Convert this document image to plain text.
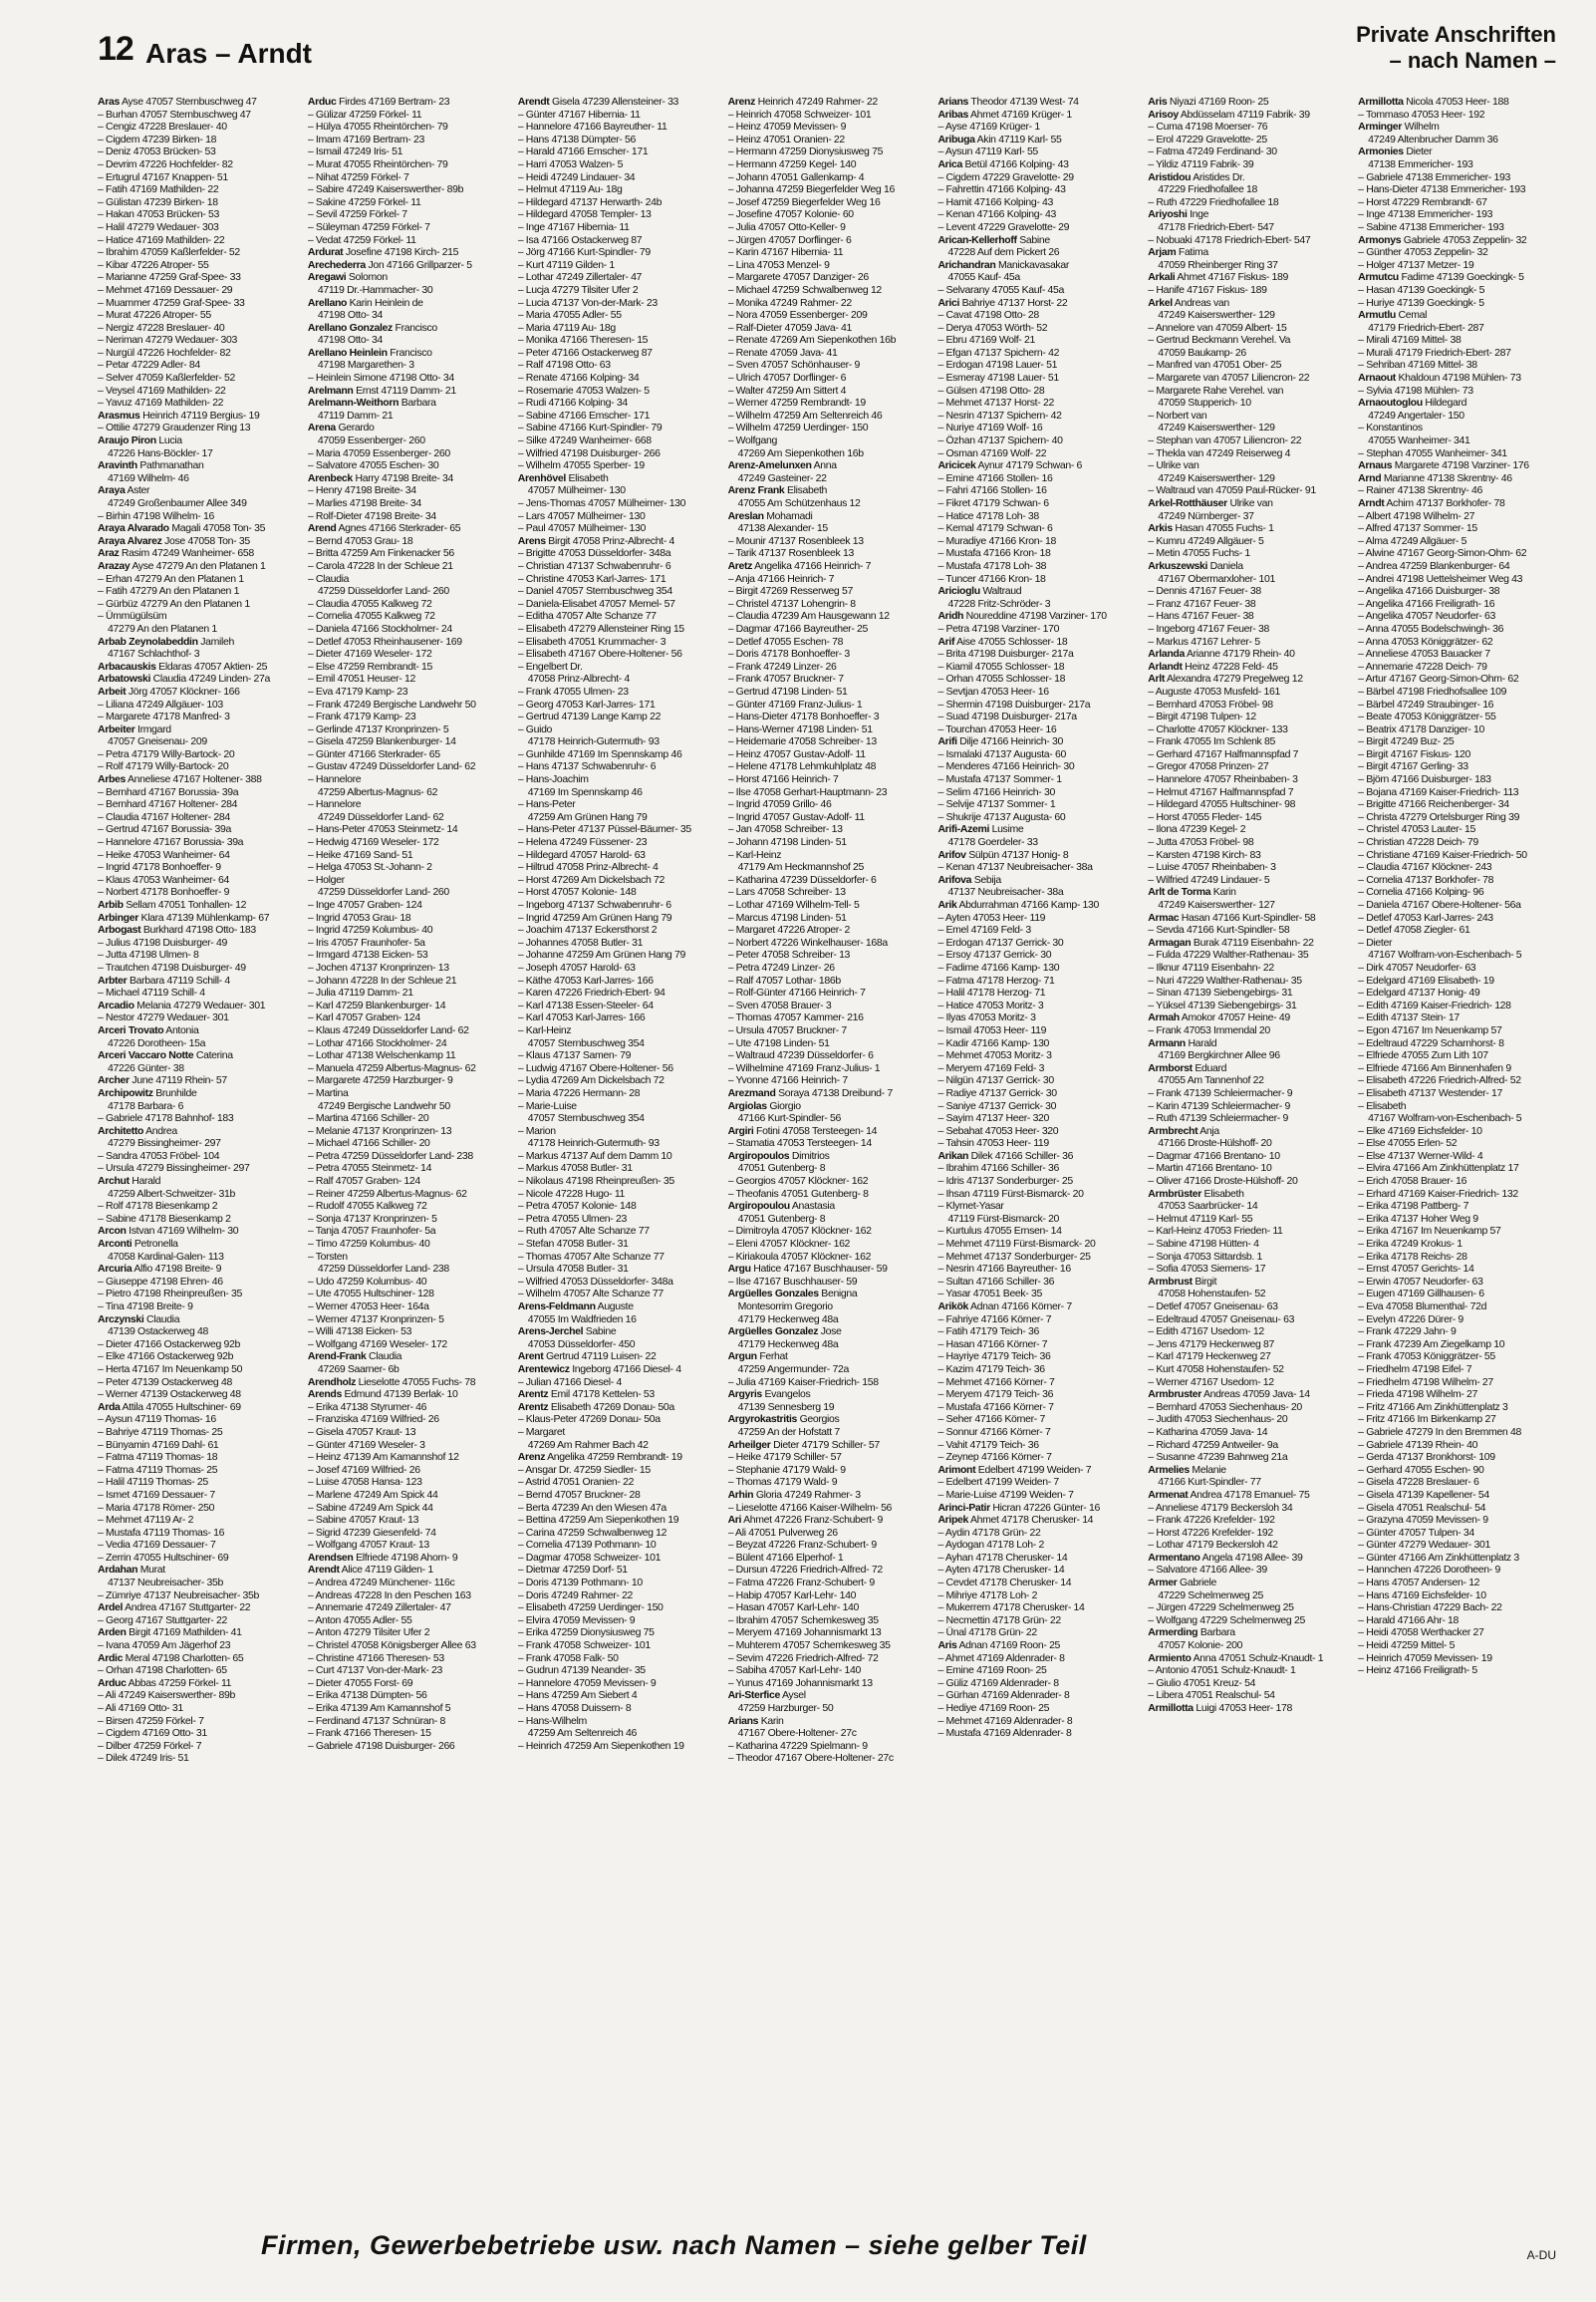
12 Aras – Arndt
Private Anschriften
– nach Namen –
Aras Ayse 47057 Sternbuschweg 47
– Burhan 47057 Sternbuschweg 47
– Cengiz 47228 Breslauer- 40
– Cigdem 47239 Birken- 18
– Deniz 47053 Brücken- 53
– Devrim 47226 Hochfelder- 82
– Ertugrul 47167 Knappen- 51
– Fatih 47169 Mathilden- 22
– Gülistan 47239 Birken- 18
– Hakan 47053 Brücken- 53
– Halil 47279 Wedauer- 303
– Hatice 47169 Mathilden- 22
– Ibrahim 47059 Kaßlerfelder- 52
– Kibar 47226 Atroper- 55
– Marianne 47259 Graf-Spee- 33
– Mehmet 47169 Dessauer- 29
– Muammer 47259 Graf-Spee- 33
– Murat 47226 Atroper- 55
– Nergiz 47228 Breslauer- 40
– Neriman 47279 Wedauer- 303
– Nurgül 47226 Hochfelder- 82
– Petar 47229 Adler- 84
– Selver 47059 Kaßlerfelder- 52
– Veysel 47169 Mathilden- 22
– Yavuz 47169 Mathilden- 22
Arasmus Heinrich 47119 Bergius- 19
– Ottilie 47279 Graudenzer Ring 13
Araujo Piron Lucia
47226 Hans-Böckler- 17
Aravinth Pathmanathan
47169 Wilhelm- 46
Araya Aster
47249 Großenbaumer Allee 349
– Birhin 47198 Wilhelm- 16
Araya Alvarado Magali 47058 Ton- 35
Araya Alvarez Jose 47058 Ton- 35
Araz Rasim 47249 Wanheimer- 658
Arazay Ayse 47279 An den Platanen 1
– Erhan 47279 An den Platanen 1
– Fatih 47279 An den Platanen 1
– Gürbüz 47279 An den Platanen 1
– Ümmügülsüm
47279 An den Platanen 1
Arbab Zeynolabeddin Jamileh
47167 Schlachthof- 3
Arbacauskis Eldaras 47057 Aktien- 25
Arbatowski Claudia 47249 Linden- 27a
Arbeit Jörg 47057 Klöckner- 166
– Liliana 47249 Allgäuer- 103
– Margarete 47178 Manfred- 3
Arbeiter Irmgard
47057 Gneisenau- 209
– Petra 47179 Willy-Bartock- 20
– Rolf 47179 Willy-Bartock- 20
Arbes Anneliese 47167 Holtener- 388
– Bernhard 47167 Borussia- 39a
– Bernhard 47167 Holtener- 284
– Claudia 47167 Holtener- 284
– Gertrud 47167 Borussia- 39a
– Hannelore 47167 Borussia- 39a
– Heike 47053 Wanheimer- 64
– Ingrid 47178 Bonhoeffer- 9
– Klaus 47053 Wanheimer- 64
– Norbert 47178 Bonhoeffer- 9
Arbib Sellam 47051 Tonhallen- 12
Arbinger Klara 47139 Mühlenkamp- 67
Arbogast Burkhard 47198 Otto- 183
– Julius 47198 Duisburger- 49
– Jutta 47198 Ulmen- 8
– Trautchen 47198 Duisburger- 49
Arbter Barbara 47119 Schill- 4
– Michael 47119 Schill- 4
Arcadio Melania 47279 Wedauer- 301
– Nestor 47279 Wedauer- 301
Arceri Trovato Antonia
47226 Dorotheen- 15a
Arceri Vaccaro Notte Caterina
47226 Günter- 38
Archer June 47119 Rhein- 57
Archipowitz Brunhilde
47178 Barbara- 6
– Gabriele 47178 Bahnhof- 183
Architetto Andrea
47279 Bissingheimer- 297
– Sandra 47053 Fröbel- 104
– Ursula 47279 Bissingheimer- 297
Archut Harald
47259 Albert-Schweitzer- 31b
– Rolf 47178 Biesenkamp 2
– Sabine 47178 Biesenkamp 2
Arcon Istvan 47169 Wilhelm- 30
Arconti Petronella
47058 Kardinal-Galen- 113
Arcuria Alfio 47198 Breite- 9
– Giuseppe 47198 Ehren- 46
– Pietro 47198 Rheinpreußen- 35
– Tina 47198 Breite- 9
Arczynski Claudia
47139 Ostackerweg 48
– Dieter 47166 Ostackerweg 92b
– Elke 47166 Ostackerweg 92b
– Herta 47167 Im Neuenkamp 50
– Peter 47139 Ostackerweg 48
– Werner 47139 Ostackerweg 48
Arda Attila 47055 Hultschiner- 69
– Aysun 47119 Thomas- 16
– Bahriye 47119 Thomas- 25
– Bünyamin 47169 Dahl- 61
– Fatma 47119 Thomas- 18
– Fatma 47119 Thomas- 25
– Halil 47119 Thomas- 25
– Ismet 47169 Dessauer- 7
– Maria 47178 Römer- 250
– Mehmet 47119 Ar- 2
– Mustafa 47119 Thomas- 16
– Vedia 47169 Dessauer- 7
– Zerrin 47055 Hultschiner- 69
Ardahan Murat
47137 Neubreisacher- 35b
– Zümriye 47137 Neubreisacher- 35b
Ardel Andrea 47167 Stuttgarter- 22
– Georg 47167 Stuttgarter- 22
Arden Birgit 47169 Mathilden- 41
– Ivana 47059 Am Jägerhof 23
Ardic Meral 47198 Charlotten- 65
– Orhan 47198 Charlotten- 65
Arduc Abbas 47259 Förkel- 11
– Ali 47249 Kaiserswerther- 89b
– Ali 47169 Otto- 31
– Birsen 47259 Förkel- 7
– Cigdem 47169 Otto- 31
– Dilber 47259 Förkel- 7
– Dilek 47249 Iris- 51
Arduc Firdes 47169 Bertram- 23
– Gülizar 47259 Förkel- 11
– Hülya 47055 Rheintörchen- 79
– Imam 47169 Bertram- 23
– Ismail 47249 Iris- 51
– Murat 47055 Rheintörchen- 79
– Nihat 47259 Förkel- 7
– Sabire 47249 Kaiserswerther- 89b
– Sakine 47259 Förkel- 11
– Sevil 47259 Förkel- 7
– Süleyman 47259 Förkel- 7
– Vedat 47259 Förkel- 11
Ardurat Josefine 47198 Kirch- 215
Arechederra Jon 47166 Grillparzer- 5
Aregawi Solomon
47119 Dr.-Hammacher- 30
Arellano Karin Heinlein de
47198 Otto- 34
Arellano Gonzalez Francisco
47198 Otto- 34
Arellano Heinlein Francisco
47198 Margarethen- 3
– Heinlein Simone 47198 Otto- 34
Arelmann Ernst 47119 Damm- 21
Arelmann-Weithorn Barbara
47119 Damm- 21
Arena Gerardo
47059 Essenberger- 260
– Maria 47059 Essenberger- 260
– Salvatore 47055 Eschen- 30
Arenbeck Harry 47198 Breite- 34
– Henry 47198 Breite- 34
– Marlies 47198 Breite- 34
– Rolf-Dieter 47198 Breite- 34
Arend Agnes 47166 Sterkrader- 65
– Bernd 47053 Grau- 18
– Britta 47259 Am Finkenacker 56
– Carola 47228 In der Schleue 21
– Claudia
47259 Düsseldorfer Land- 260
– Claudia 47055 Kalkweg 72
– Cornelia 47055 Kalkweg 72
– Daniela 47166 Stockholmer- 24
– Detlef 47053 Rheinhausener- 169
– Dieter 47169 Weseler- 172
– Else 47259 Rembrandt- 15
– Emil 47051 Heuser- 12
– Eva 47179 Kamp- 23
– Frank 47249 Bergische Landwehr 50
– Frank 47179 Kamp- 23
– Gerlinde 47137 Kronprinzen- 5
– Gisela 47259 Blankenburger- 14
– Günter 47166 Sterkrader- 65
– Gustav 47249 Düsseldorfer Land- 62
– Hannelore
47259 Albertus-Magnus- 62
– Hannelore
47249 Düsseldorfer Land- 62
– Hans-Peter 47053 Steinmetz- 14
– Hedwig 47169 Weseler- 172
– Heike 47169 Sand- 51
– Helga 47053 St.-Johann- 2
– Holger
47259 Düsseldorfer Land- 260
– Inge 47057 Graben- 124
– Ingrid 47053 Grau- 18
– Ingrid 47259 Kolumbus- 40
– Iris 47057 Fraunhofer- 5a
– Irmgard 47138 Eicken- 53
– Jochen 47137 Kronprinzen- 13
– Johann 47228 In der Schleue 21
– Julia 47119 Damm- 21
– Karl 47259 Blankenburger- 14
– Karl 47057 Graben- 124
– Klaus 47249 Düsseldorfer Land- 62
– Lothar 47166 Stockholmer- 24
– Lothar 47138 Welschenkamp 11
– Manuela 47259 Albertus-Magnus- 62
– Margarete 47259 Harzburger- 9
– Martina
47249 Bergische Landwehr 50
– Martina 47166 Schiller- 20
– Melanie 47137 Kronprinzen- 13
– Michael 47166 Schiller- 20
– Petra 47259 Düsseldorfer Land- 238
– Petra 47055 Steinmetz- 14
– Ralf 47057 Graben- 124
– Reiner 47259 Albertus-Magnus- 62
– Rudolf 47055 Kalkweg 72
– Sonja 47137 Kronprinzen- 5
– Tanja 47057 Fraunhofer- 5a
– Timo 47259 Kolumbus- 40
– Torsten
47259 Düsseldorfer Land- 238
– Udo 47259 Kolumbus- 40
– Ute 47055 Hultschiner- 128
– Werner 47053 Heer- 164a
– Werner 47137 Kronprinzen- 5
– Willi 47138 Eicken- 53
– Wolfgang 47169 Weseler- 172
Arend-Frank Claudia
47269 Saarner- 6b
Arendholz Lieselotte 47055 Fuchs- 78
Arends Edmund 47139 Berlak- 10
– Erika 47138 Styrumer- 46
– Franziska 47169 Wilfried- 26
– Gisela 47057 Kraut- 13
– Günter 47169 Weseler- 3
– Heinz 47139 Am Kamannshof 12
– Josef 47169 Wilfried- 26
– Luise 47058 Hansa- 123
– Marlene 47249 Am Spick 44
– Sabine 47249 Am Spick 44
– Sabine 47057 Kraut- 13
– Sigrid 47239 Giesenfeld- 74
– Wolfgang 47057 Kraut- 13
Arendsen Elfriede 47198 Ahorn- 9
Arendt Alice 47119 Gilden- 1
– Andrea 47249 Münchener- 116c
– Andreas 47228 In den Peschen 163
– Annemarie 47249 Zillertaler- 47
– Anton 47055 Adler- 55
– Anton 47279 Tilsiter Ufer 2
– Christel 47058 Königsberger Allee 63
– Christine 47166 Theresen- 53
– Curt 47137 Von-der-Mark- 23
– Dieter 47055 Forst- 69
– Erika 47138 Dümpten- 56
– Erika 47139 Am Kamannshof 5
– Ferdinand 47137 Schnüran- 8
– Frank 47166 Theresen- 15
– Gabriele 47198 Duisburger- 266
Arendt Gisela 47239 Allensteiner- 33
– Günter 47167 Hibernia- 11
– Hannelore 47166 Bayreuther- 11
– Hans 47138 Dümpter- 56
– Harald 47166 Emscher- 171
– Harri 47053 Walzen- 5
– Heidi 47249 Lindauer- 34
– Helmut 47119 Au- 18g
– Hildegard 47137 Herwarth- 24b
– Hildegard 47058 Templer- 13
– Inge 47167 Hibernia- 11
– Isa 47166 Ostackerweg 87
– Jörg 47166 Kurt-Spindler- 79
– Kurt 47119 Gilden- 1
– Lothar 47249 Zillertaler- 47
– Lucja 47279 Tilsiter Ufer 2
– Lucia 47137 Von-der-Mark- 23
– Maria 47055 Adler- 55
– Maria 47119 Au- 18g
– Monika 47166 Theresen- 15
– Peter 47166 Ostackerweg 87
– Ralf 47198 Otto- 63
– Renate 47166 Kolping- 34
– Rosemarie 47053 Walzen- 5
– Rudi 47166 Kolping- 34
– Sabine 47166 Emscher- 171
– Sabine 47166 Kurt-Spindler- 79
– Silke 47249 Wanheimer- 668
– Wilfried 47198 Duisburger- 266
– Wilhelm 47055 Sperber- 19
Arenhövel Elisabeth
47057 Mülheimer- 130
– Jens-Thomas 47057 Mülheimer- 130
– Lars 47057 Mülheimer- 130
– Paul 47057 Mülheimer- 130
Arens Birgit 47058 Prinz-Albrecht- 4
– Brigitte 47053 Düsseldorfer- 348a
– Christian 47137 Schwabenruhr- 6
– Christine 47053 Karl-Jarres- 171
– Daniel 47057 Sternbuschweg 354
– Daniela-Elisabet 47057 Memel- 57
– Editha 47057 Alte Schanze 77
– Elisabeth 47279 Allensteiner Ring 15
– Elisabeth 47051 Krummacher- 3
– Elisabeth 47167 Obere-Holtener- 56
– Engelbert Dr.
47058 Prinz-Albrecht- 4
– Frank 47055 Ulmen- 23
– Georg 47053 Karl-Jarres- 171
– Gertrud 47139 Lange Kamp 22
– Guido
47178 Heinrich-Gutermuth- 93
– Gunhilde 47169 Im Spennskamp 46
– Hans 47137 Schwabenruhr- 6
– Hans-Joachim
47169 Im Spennskamp 46
– Hans-Peter
47259 Am Grünen Hang 79
– Hans-Peter 47137 Püssel-Bäumer- 35
– Helena 47249 Füssener- 23
– Hildegard 47057 Harold- 63
– Hiltrud 47058 Prinz-Albrecht- 4
– Horst 47269 Am Dickelsbach 72
– Horst 47057 Kolonie- 148
– Ingeborg 47137 Schwabenruhr- 6
– Ingrid 47259 Am Grünen Hang 79
– Joachim 47137 Eckersthorst 2
– Johannes 47058 Butler- 31
– Johanne 47259 Am Grünen Hang 79
– Joseph 47057 Harold- 63
– Käthe 47053 Karl-Jarres- 166
– Karen 47226 Friedrich-Ebert- 94
– Karl 47138 Essen-Steeler- 64
– Karl 47053 Karl-Jarres- 166
– Karl-Heinz
47057 Sternbuschweg 354
– Klaus 47137 Samen- 79
– Ludwig 47167 Obere-Holtener- 56
– Lydia 47269 Am Dickelsbach 72
– Maria 47226 Hermann- 28
– Marie-Luise
47057 Sternbuschweg 354
– Marion
47178 Heinrich-Gutermuth- 93
– Markus 47137 Auf dem Damm 10
– Markus 47058 Butler- 31
– Nikolaus 47198 Rheinpreußen- 35
– Nicole 47228 Hugo- 11
– Petra 47057 Kolonie- 148
– Petra 47055 Ulmen- 23
– Ruth 47057 Alte Schanze 77
– Stefan 47058 Butler- 31
– Thomas 47057 Alte Schanze 77
– Ursula 47058 Butler- 31
– Wilfried 47053 Düsseldorfer- 348a
– Wilhelm 47057 Alte Schanze 77
Arens-Feldmann Auguste
47055 Im Waldfrieden 16
Arens-Jerchel Sabine
47053 Düsseldorfer- 450
Arent Gertrud 47119 Luisen- 22
Arentewicz Ingeborg 47166 Diesel- 4
– Julian 47166 Diesel- 4
Arentz Emil 47178 Kettelen- 53
Arentz Elisabeth 47269 Donau- 50a
– Klaus-Peter 47269 Donau- 50a
– Margaret
47269 Am Rahmer Bach 42
Arenz Angelika 47259 Rembrandt- 19
– Ansgar Dr. 47259 Siedler- 15
– Astrid 47051 Oranien- 22
– Bernd 47057 Bruckner- 28
– Berta 47239 An den Wiesen 47a
– Bettina 47259 Am Siepenkothen 19
– Carina 47259 Schwalbenweg 12
– Cornelia 47139 Pothmann- 10
– Dagmar 47058 Schweizer- 101
– Dietmar 47259 Dorf- 51
– Doris 47139 Pothmann- 10
– Doris 47249 Rahmer- 22
– Elisabeth 47259 Uerdinger- 150
– Elvira 47059 Mevissen- 9
– Erika 47259 Dionysiusweg 75
– Frank 47058 Schweizer- 101
– Frank 47058 Falk- 50
– Gudrun 47139 Neander- 35
– Hannelore 47059 Mevissen- 9
– Hans 47259 Am Siebert 4
– Hans 47058 Duissern- 8
– Hans-Wilhelm
47259 Am Seltenreich 46
– Heinrich 47259 Am Siepenkothen 19
Arenz Heinrich 47249 Rahmer- 22
– Heinrich 47058 Schweizer- 101
– Heinz 47059 Mevissen- 9
– Heinz 47051 Oranien- 22
– Hermann 47259 Dionysiusweg 75
– Hermann 47259 Kegel- 140
– Johann 47051 Gallenkamp- 4
– Johanna 47259 Biegerfelder Weg 16
– Josef 47259 Biegerfelder Weg 16
– Josefine 47057 Kolonie- 60
– Julia 47057 Otto-Keller- 9
– Jürgen 47057 Dorflinger- 6
– Karin 47167 Hibernia- 11
– Lina 47053 Menzel- 9
– Margarete 47057 Danziger- 26
– Michael 47259 Schwalbenweg 12
– Monika 47249 Rahmer- 22
– Nora 47059 Essenberger- 209
– Ralf-Dieter 47059 Java- 41
– Renate 47269 Am Siepenkothen 16b
– Renate 47059 Java- 41
– Sven 47057 Schönhauser- 9
– Ulrich 47057 Dorflinger- 6
– Walter 47259 Am Sittert 4
– Werner 47259 Rembrandt- 19
– Wilhelm 47259 Am Seltenreich 46
– Wilhelm 47259 Uerdinger- 150
– Wolfgang
47269 Am Siepenkothen 16b
Arenz-Amelunxen Anna
47249 Gasteiner- 22
Arenz Frank Elisabeth
47055 Am Schützenhaus 12
Areslan Mohamadi
47138 Alexander- 15
– Mounir 47137 Rosenbleek 13
– Tarik 47137 Rosenbleek 13
Aretz Angelika 47166 Heinrich- 7
– Anja 47166 Heinrich- 7
– Birgit 47269 Resserweg 57
– Christel 47137 Lohengrin- 8
– Claudia 47239 Am Hausgewann 12
– Dagmar 47166 Bayreuther- 25
– Detlef 47055 Eschen- 78
– Doris 47178 Bonhoeffer- 3
– Frank 47249 Linzer- 26
– Frank 47057 Bruckner- 7
– Gertrud 47198 Linden- 51
– Günter 47169 Franz-Julius- 1
– Hans-Dieter 47178 Bonhoeffer- 3
– Hans-Werner 47198 Linden- 51
– Heidemarie 47058 Schreiber- 13
– Heinz 47057 Gustav-Adolf- 11
– Helene 47178 Lehmkuhlplatz 48
– Horst 47166 Heinrich- 7
– Ilse 47058 Gerhart-Hauptmann- 23
– Ingrid 47059 Grillo- 46
– Ingrid 47057 Gustav-Adolf- 11
– Jan 47058 Schreiber- 13
– Johann 47198 Linden- 51
– Karl-Heinz
47179 Am Heckmannshof 25
– Katharina 47239 Düsseldorfer- 6
– Lars 47058 Schreiber- 13
– Lothar 47169 Wilhelm-Tell- 5
– Marcus 47198 Linden- 51
– Margaret 47226 Atroper- 2
– Norbert 47226 Winkelhauser- 168a
– Peter 47058 Schreiber- 13
– Petra 47249 Linzer- 26
– Ralf 47057 Lothar- 186b
– Rolf-Günter 47166 Heinrich- 7
– Sven 47058 Brauer- 3
– Thomas 47057 Kammer- 216
– Ursula 47057 Bruckner- 7
– Ute 47198 Linden- 51
– Waltraud 47239 Düsseldorfer- 6
– Wilhelmine 47169 Franz-Julius- 1
– Yvonne 47166 Heinrich- 7
Arezmand Soraya 47138 Dreibund- 7
Argiolas Giorgio
47166 Kurt-Spindler- 56
Argiri Fotini 47058 Tersteegen- 14
– Stamatia 47053 Tersteegen- 14
Argiropoulos Dimitrios
47051 Gutenberg- 8
– Georgios 47057 Klöckner- 162
– Theofanis 47051 Gutenberg- 8
Argiropoulou Anastasia
47051 Gutenberg- 8
– Dimitroyla 47057 Klöckner- 162
– Eleni 47057 Klöckner- 162
– Kiriakoula 47057 Klöckner- 162
Argu Hatice 47167 Buschhauser- 59
– Ilse 47167 Buschhauser- 59
Argüelles Gonzales Benigna
Montesorrim Gregorio
47179 Heckenweg 48a
Argüelles Gonzalez Jose
47179 Heckenweg 48a
Argun Ferhat
47259 Angermunder- 72a
– Julia 47169 Kaiser-Friedrich- 158
Argyris Evangelos
47139 Sennesberg 19
Argyrokastritis Georgios
47259 An der Hofstatt 7
Arheilger Dieter 47179 Schiller- 57
– Heike 47179 Schiller- 57
– Stephanie 47179 Wald- 9
– Thomas 47179 Wald- 9
Arhin Gloria 47249 Rahmer- 3
– Lieselotte 47166 Kaiser-Wilhelm- 56
Ari Ahmet 47226 Franz-Schubert- 9
– Ali 47051 Pulverweg 26
– Beyzat 47226 Franz-Schubert- 9
– Bülent 47166 Elperhof- 1
– Dursun 47226 Friedrich-Alfred- 72
– Fatma 47226 Franz-Schubert- 9
– Habip 47057 Karl-Lehr- 140
– Hasan 47057 Karl-Lehr- 140
– Ibrahim 47057 Schemkesweg 35
– Meryem 47169 Johannismarkt 13
– Muhterem 47057 Schemkesweg 35
– Sevim 47226 Friedrich-Alfred- 72
– Sabiha 47057 Karl-Lehr- 140
– Yunus 47169 Johannismarkt 13
Ari-Sterfice Aysel
47259 Harzburger- 50
Arians Karin
47167 Obere-Holtener- 27c
– Katharina 47229 Spielmann- 9
– Theodor 47167 Obere-Holtener- 27c
Arians Theodor 47139 West- 74
Aribas Ahmet 47169 Krüger- 1
– Ayse 47169 Krüger- 1
Aribuga Akin 47119 Karl- 55
– Aysun 47119 Karl- 55
Arica Betül 47166 Kolping- 43
– Cigdem 47229 Gravelotte- 29
– Fahrettin 47166 Kolping- 43
– Hamit 47166 Kolping- 43
– Kenan 47166 Kolping- 43
– Levent 47229 Gravelotte- 29
Arican-Kellerhoff Sabine
47228 Auf dem Pickert 26
Arichandran Manickavasakar
47055 Kauf- 45a
– Selvarany 47055 Kauf- 45a
Arici Bahriye 47137 Horst- 22
– Cavat 47198 Otto- 28
– Derya 47053 Wörth- 52
– Ebru 47169 Wolf- 21
– Efgan 47137 Spichern- 42
– Erdogan 47198 Lauer- 51
– Esmeray 47198 Lauer- 51
– Gülsen 47198 Otto- 28
– Mehmet 47137 Horst- 22
– Nesrin 47137 Spichern- 42
– Nuriye 47169 Wolf- 16
– Özhan 47137 Spichern- 40
– Osman 47169 Wolf- 22
Aricicek Aynur 47179 Schwan- 6
– Emine 47166 Stollen- 16
– Fahri 47166 Stollen- 16
– Fikret 47179 Schwan- 6
– Hatice 47178 Loh- 38
– Kemal 47179 Schwan- 6
– Muradiye 47166 Kron- 18
– Mustafa 47166 Kron- 18
– Mustafa 47178 Loh- 38
– Tuncer 47166 Kron- 18
Aricioglu Waltraud
47228 Fritz-Schröder- 3
Aridh Noureddine 47198 Varziner- 170
– Petra 47198 Varziner- 170
Arif Aise 47055 Schlosser- 18
– Brita 47198 Duisburger- 217a
– Kiamil 47055 Schlosser- 18
– Orhan 47055 Schlosser- 18
– Sevtjan 47053 Heer- 16
– Shermin 47198 Duisburger- 217a
– Suad 47198 Duisburger- 217a
– Tourchan 47053 Heer- 16
Arifi Dilje 47166 Heinrich- 30
– Ismalaki 47137 Augusta- 60
– Menderes 47166 Heinrich- 30
– Mustafa 47137 Sommer- 1
– Selim 47166 Heinrich- 30
– Selvije 47137 Sommer- 1
– Shukrije 47137 Augusta- 60
Arifi-Azemi Lusime
47178 Goerdeler- 33
Arifov Sülpün 47137 Honig- 8
– Kenan 47137 Neubreisacher- 38a
Arifova Sebija
47137 Neubreisacher- 38a
Arik Abdurrahman 47166 Kamp- 130
– Ayten 47053 Heer- 119
– Emel 47169 Feld- 3
– Erdogan 47137 Gerrick- 30
– Ersoy 47137 Gerrick- 30
– Fadime 47166 Kamp- 130
– Fatma 47178 Herzog- 71
– Halil 47178 Herzog- 71
– Hatice 47053 Moritz- 3
– Ilyas 47053 Moritz- 3
– Ismail 47053 Heer- 119
– Kadir 47166 Kamp- 130
– Mehmet 47053 Moritz- 3
– Meryem 47169 Feld- 3
– Nilgün 47137 Gerrick- 30
– Radiye 47137 Gerrick- 30
– Saniye 47137 Gerrick- 30
– Sayim 47137 Heer- 320
– Sebahat 47053 Heer- 320
– Tahsin 47053 Heer- 119
Arikan Dilek 47166 Schiller- 36
– Ibrahim 47166 Schiller- 36
– Idris 47137 Sonderburger- 25
– Ihsan 47119 Fürst-Bismarck- 20
– Klymet-Yasar
47119 Fürst-Bismarck- 20
– Kurtulus 47055 Ernsen- 14
– Mehmet 47119 Fürst-Bismarck- 20
– Mehmet 47137 Sonderburger- 25
– Nesrin 47166 Bayreuther- 16
– Sultan 47166 Schiller- 36
– Yasar 47051 Beek- 35
Arikök Adnan 47166 Körner- 7
– Fahriye 47166 Körner- 7
– Fatih 47179 Teich- 36
– Hasan 47166 Körner- 7
– Hayriye 47179 Teich- 36
– Kazim 47179 Teich- 36
– Mehmet 47166 Körner- 7
– Meryem 47179 Teich- 36
– Mustafa 47166 Körner- 7
– Seher 47166 Körner- 7
– Sonnur 47166 Körner- 7
– Vahit 47179 Teich- 36
– Zeynep 47166 Körner- 7
Arimont Edelbert 47199 Weiden- 7
– Edelbert 47199 Weiden- 7
– Marie-Luise 47199 Weiden- 7
Arinci-Patir Hicran 47226 Günter- 16
Aripek Ahmet 47178 Cherusker- 14
– Aydin 47178 Grün- 22
– Aydogan 47178 Loh- 2
– Ayhan 47178 Cherusker- 14
– Ayten 47178 Cherusker- 14
– Cevdet 47178 Cherusker- 14
– Mihriye 47178 Loh- 2
– Mukerrem 47178 Cherusker- 14
– Necmettin 47178 Grün- 22
– Ünal 47178 Grün- 22
Aris Adnan 47169 Roon- 25
– Ahmet 47169 Aldenrader- 8
– Emine 47169 Roon- 25
– Güliz 47169 Aldenrader- 8
– Gürhan 47169 Aldenrader- 8
– Hediye 47169 Roon- 25
– Mehmet 47169 Aldenrader- 8
– Mustafa 47169 Aldenrader- 8
Aris Niyazi 47169 Roon- 25
Arisoy Abdüsselam 47119 Fabrik- 39
– Cuma 47198 Moerser- 76
– Erol 47229 Gravelotte- 25
– Fatma 47249 Ferdinand- 30
– Yildiz 47119 Fabrik- 39
Aristidou Aristides Dr.
47229 Friedhofallee 18
– Ruth 47229 Friedhofallee 18
Ariyoshi Inge
47178 Friedrich-Ebert- 547
– Nobuaki 47178 Friedrich-Ebert- 547
Arjam Fatima
47059 Rheinberger Ring 37
Arkali Ahmet 47167 Fiskus- 189
– Hanife 47167 Fiskus- 189
Arkel Andreas van
47249 Kaiserswerther- 129
– Annelore van 47059 Albert- 15
– Gertrud Beckmann Verehel. Va
47059 Baukamp- 26
– Manfred van 47051 Ober- 25
– Margarete van 47057 Liliencron- 22
– Margarete Rahe Verehel. van
47059 Stupperich- 10
– Norbert van
47249 Kaiserswerther- 129
– Stephan van 47057 Liliencron- 22
– Thekla van 47249 Reiserweg 4
– Ulrike van
47249 Kaiserswerther- 129
– Waltraud van 47059 Paul-Rücker- 91
Arkel-Rotthäuser Ulrike van
47249 Nürnberger- 37
Arkis Hasan 47055 Fuchs- 1
– Kumru 47249 Allgäuer- 5
– Metin 47055 Fuchs- 1
Arkuszewski Daniela
47167 Obermarxloher- 101
– Dennis 47167 Feuer- 38
– Franz 47167 Feuer- 38
– Hans 47167 Feuer- 38
– Ingeborg 47167 Feuer- 38
– Markus 47167 Lehrer- 5
Arlanda Arianne 47179 Rhein- 40
Arlandt Heinz 47228 Feld- 45
Arlt Alexandra 47279 Pregelweg 12
– Auguste 47053 Musfeld- 161
– Bernhard 47053 Fröbel- 98
– Birgit 47198 Tulpen- 12
– Charlotte 47057 Klöckner- 133
– Frank 47055 Im Schlenk 85
– Gerhard 47167 Halfmannspfad 7
– Gregor 47058 Prinzen- 27
– Hannelore 47057 Rheinbaben- 3
– Helmut 47167 Halfmannspfad 7
– Hildegard 47055 Hultschiner- 98
– Horst 47055 Fleder- 145
– Ilona 47239 Kegel- 2
– Jutta 47053 Fröbel- 98
– Karsten 47198 Kirch- 83
– Luise 47057 Rheinbaben- 3
– Wilfried 47249 Lindauer- 5
Arlt de Torma Karin
47249 Kaiserswerther- 127
Armac Hasan 47166 Kurt-Spindler- 58
– Sevda 47166 Kurt-Spindler- 58
Armagan Burak 47119 Eisenbahn- 22
– Fulda 47229 Walther-Rathenau- 35
– Ilknur 47119 Eisenbahn- 22
– Nuri 47229 Walther-Rathenau- 35
– Sinan 47139 Siebengebirgs- 31
– Yüksel 47139 Siebengebirgs- 31
Armah Amokor 47057 Heine- 49
– Frank 47053 Immendal 20
Armann Harald
47169 Bergkirchner Allee 96
Armborst Eduard
47055 Am Tannenhof 22
– Frank 47139 Schleiermacher- 9
– Karin 47139 Schleiermacher- 9
– Ruth 47139 Schleiermacher- 9
Armbrecht Anja
47166 Droste-Hülshoff- 20
– Dagmar 47166 Brentano- 10
– Martin 47166 Brentano- 10
– Oliver 47166 Droste-Hülshoff- 20
Armbrüster Elisabeth
47053 Saarbrücker- 14
– Helmut 47119 Karl- 55
– Karl-Heinz 47053 Frieden- 11
– Sabine 47198 Hütten- 4
– Sonja 47053 Sittardsb. 1
– Sofia 47053 Siemens- 17
Armbrust Birgit
47058 Hohenstaufen- 52
– Detlef 47057 Gneisenau- 63
– Edeltraud 47057 Gneisenau- 63
– Edith 47167 Usedom- 12
– Jens 47179 Heckenweg 87
– Karl 47179 Heckenweg 27
– Kurt 47058 Hohenstaufen- 52
– Werner 47167 Usedom- 12
Armbruster Andreas 47059 Java- 14
– Bernhard 47053 Siechenhaus- 20
– Judith 47053 Siechenhaus- 20
– Katharina 47059 Java- 14
– Richard 47259 Antweiler- 9a
– Susanne 47239 Bahnweg 21a
Armelies Melanie
47166 Kurt-Spindler- 77
Armenat Andrea 47178 Emanuel- 75
– Anneliese 47179 Beckersloh 34
– Frank 47226 Krefelder- 192
– Horst 47226 Krefelder- 192
– Lothar 47179 Beckersloh 42
Armentano Angela 47198 Allee- 39
– Salvatore 47166 Allee- 39
Armer Gabriele
47229 Schelmenweg 25
– Jürgen 47229 Schelmenweg 25
– Wolfgang 47229 Schelmenweg 25
Armerding Barbara
47057 Kolonie- 200
Armiento Anna 47051 Schulz-Knaudt- 1
– Antonio 47051 Schulz-Knaudt- 1
– Giulio 47051 Kreuz- 54
– Libera 47051 Realschul- 54
Armillotta Luigi 47053 Heer- 178
Armillotta Nicola 47053 Heer- 188
– Tommaso 47053 Heer- 192
Arminger Wilhelm
47249 Altenbrucher Damm 36
Armonies Dieter
47138 Emmericher- 193
– Gabriele 47138 Emmericher- 193
– Hans-Dieter 47138 Emmericher- 193
– Horst 47229 Rembrandt- 67
– Inge 47138 Emmericher- 193
– Sabine 47138 Emmericher- 193
Armonys Gabriele 47053 Zeppelin- 32
– Günther 47053 Zeppelin- 32
– Holger 47137 Metzer- 19
Armutcu Fadime 47139 Goeckingk- 5
– Hasan 47139 Goeckingk- 5
– Huriye 47139 Goeckingk- 5
Armutlu Cemal
47179 Friedrich-Ebert- 287
– Mirali 47169 Mittel- 38
– Murali 47179 Friedrich-Ebert- 287
– Sehriban 47169 Mittel- 38
Arnaout Khaldoun 47198 Mühlen- 73
– Sylvia 47198 Mühlen- 73
Arnaoutoglou Hildegard
47249 Angertaler- 150
– Konstantinos
47055 Wanheimer- 341
– Stephan 47055 Wanheimer- 341
Arnaus Margarete 47198 Varziner- 176
Arnd Marianne 47138 Skrentny- 46
– Rainer 47138 Skrentny- 46
Arndt Achim 47137 Borkhofer- 78
– Albert 47198 Wilhelm- 27
– Alfred 47137 Sommer- 15
– Alma 47249 Allgäuer- 5
– Alwine 47167 Georg-Simon-Ohm- 62
– Andrea 47259 Blankenburger- 64
– Andrei 47198 Uettelsheimer Weg 43
– Angelika 47166 Duisburger- 38
– Angelika 47166 Freiligrath- 16
– Angelika 47057 Neudorfer- 63
– Anna 47055 Bodelschwingh- 36
– Anna 47053 Königgrätzer- 62
– Anneliese 47053 Bauacker 7
– Annemarie 47228 Deich- 79
– Artur 47167 Georg-Simon-Ohm- 62
– Bärbel 47198 Friedhofsallee 109
– Bärbel 47249 Straubinger- 16
– Beate 47053 Königgrätzer- 55
– Beatrix 47178 Danziger- 10
– Birgit 47249 Buz- 25
– Birgit 47167 Fiskus- 120
– Birgit 47167 Gerling- 33
– Björn 47166 Duisburger- 183
– Bojana 47169 Kaiser-Friedrich- 113
– Brigitte 47166 Reichenberger- 34
– Christa 47279 Ortelsburger Ring 39
– Christel 47053 Lauter- 15
– Christian 47228 Deich- 79
– Christiane 47169 Kaiser-Friedrich- 50
– Claudia 47167 Klöckner- 243
– Cornelia 47137 Borkhofer- 78
– Cornelia 47166 Kolping- 96
– Daniela 47167 Obere-Holtener- 56a
– Detlef 47053 Karl-Jarres- 243
– Detlef 47058 Ziegler- 61
– Dieter
47167 Wolfram-von-Eschenbach- 5
– Dirk 47057 Neudorfer- 63
– Edelgard 47169 Elisabeth- 19
– Edelgard 47137 Honig- 49
– Edith 47169 Kaiser-Friedrich- 128
– Edith 47137 Stein- 17
– Egon 47167 Im Neuenkamp 57
– Edeltraud 47229 Scharnhorst- 8
– Elfriede 47055 Zum Lith 107
– Elfriede 47166 Am Binnenhafen 9
– Elisabeth 47226 Friedrich-Alfred- 52
– Elisabeth 47137 Westender- 17
– Elisabeth
47167 Wolfram-von-Eschenbach- 5
– Elke 47169 Eichsfelder- 10
– Else 47055 Erlen- 52
– Else 47137 Werner-Wild- 4
– Elvira 47166 Am Zinkhüttenplatz 17
– Erich 47058 Brauer- 16
– Erhard 47169 Kaiser-Friedrich- 132
– Erika 47198 Pattberg- 7
– Erika 47137 Hoher Weg 9
– Erika 47167 Im Neuenkamp 57
– Erika 47249 Krokus- 1
– Erika 47178 Reichs- 28
– Ernst 47057 Gerichts- 14
– Erwin 47057 Neudorfer- 63
– Eugen 47169 Gillhausen- 6
– Eva 47058 Blumenthal- 72d
– Evelyn 47226 Dürer- 9
– Frank 47229 Jahn- 9
– Frank 47239 Am Ziegelkamp 10
– Frank 47053 Königgrätzer- 55
– Friedhelm 47198 Eifel- 7
– Friedhelm 47198 Wilhelm- 27
– Frieda 47198 Wilhelm- 27
– Fritz 47166 Am Zinkhüttenplatz 3
– Fritz 47166 Im Birkenkamp 27
– Gabriele 47279 In den Bremmen 48
– Gabriele 47139 Rhein- 40
– Gerda 47137 Bronkhorst- 109
– Gerhard 47055 Eschen- 90
– Gisela 47228 Breslauer- 6
– Gisela 47139 Kapellener- 54
– Gisela 47051 Realschul- 54
– Grazyna 47059 Mevissen- 9
– Günter 47057 Tulpen- 34
– Günter 47279 Wedauer- 301
– Günter 47166 Am Zinkhüttenplatz 3
– Hannchen 47226 Dorotheen- 9
– Hans 47057 Andersen- 12
– Hans 47169 Eichsfelder- 10
– Hans-Christian 47229 Bach- 22
– Harald 47166 Ahr- 18
– Heidi 47058 Werthacker 27
– Heidi 47259 Mittel- 5
– Heinrich 47059 Mevissen- 19
– Heinz 47166 Freiligrath- 5
Firmen, Gewerbebetriebe usw. nach Namen – siehe gelber Teil	A-DU
